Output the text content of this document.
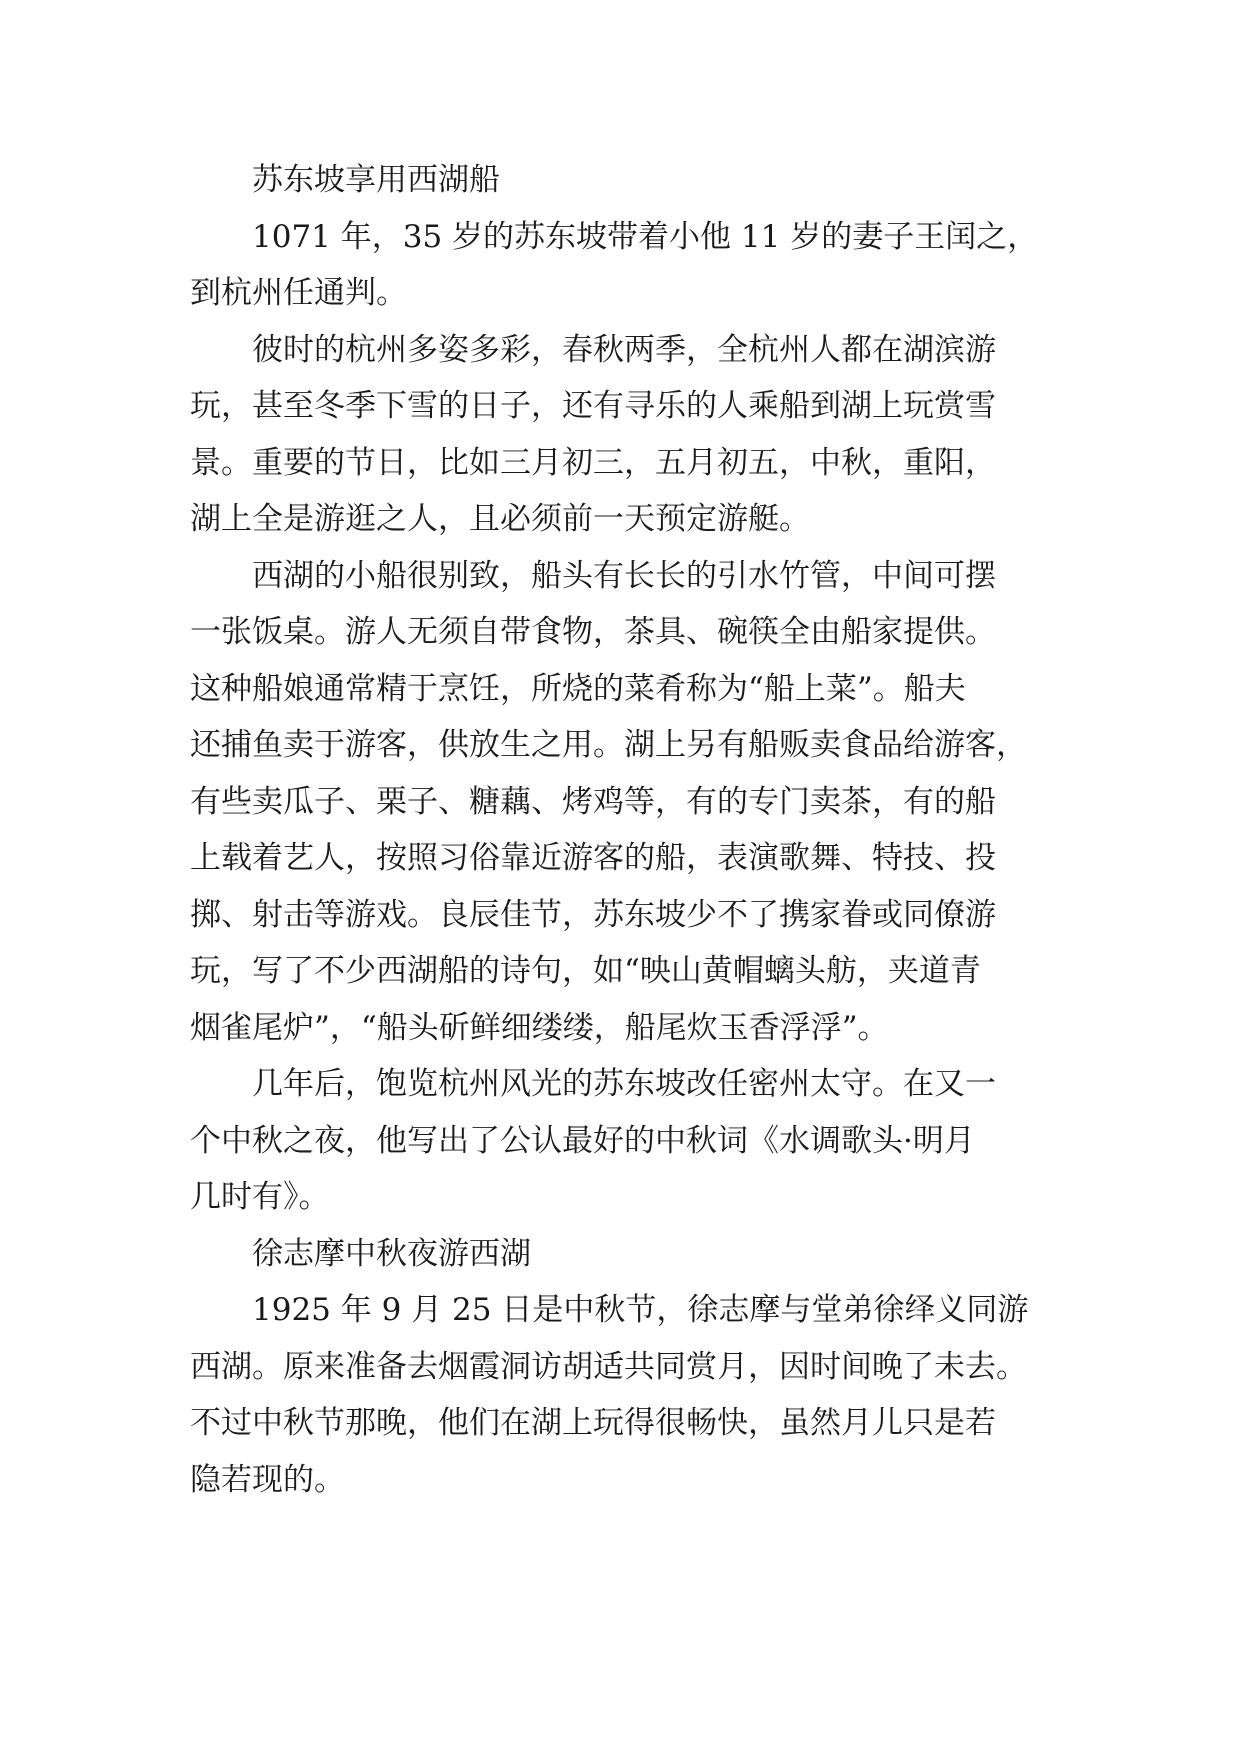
苏东坡享用西湖船

1071 年，35 岁的苏东坡带着小他 11 岁的妻子王闰之，
到杭州任通判。

彼时的杭州多姿多彩，春秋两季，全杭州人都在湖滨游
玩，甚至冬季下雪的日子，还有寻乐的人乘船到湖上玩赏雪
景。重要的节日，比如三月初三，五月初五，中秋，重阳，
湖上全是游逛之人，且必须前一天预定游艇。

西湖的小船很别致，船头有长长的引水竹管，中间可摆
一张饭桌。游人无须自带食物，茶具、碗筷全由船家提供。
这种船娘通常精于烹饪，所烧的菜肴称为“船上菜”。船夫
还捕鱼卖于游客，供放生之用。湖上另有船贩卖食品给游客，
有些卖瓜子、栗子、糖藕、烤鸡等，有的专门卖茶，有的船
上载着艺人，按照习俗靠近游客的船，表演歌舞、特技、投
掷、射击等游戏。良辰佳节，苏东坡少不了携家眷或同僚游
玩，写了不少西湖船的诗句，如“映山黄帽螭头舫，夹道青
烟雀尾炉”，“船头斫鲜细缕缕，船尾炊玉香浮浮”。

几年后，饱览杭州风光的苏东坡改任密州太守。在又一
个中秋之夜，他写出了公认最好的中秋词《水调歌头·明月
几时有》。

徐志摩中秋夜游西湖

1925 年 9 月 25 日是中秋节，徐志摩与堂弟徐绎义同游
西湖。原来准备去烟霞洞访胡适共同赏月，因时间晚了未去。
不过中秋节那晚，他们在湖上玩得很畅快，虽然月儿只是若
隐若现的。
